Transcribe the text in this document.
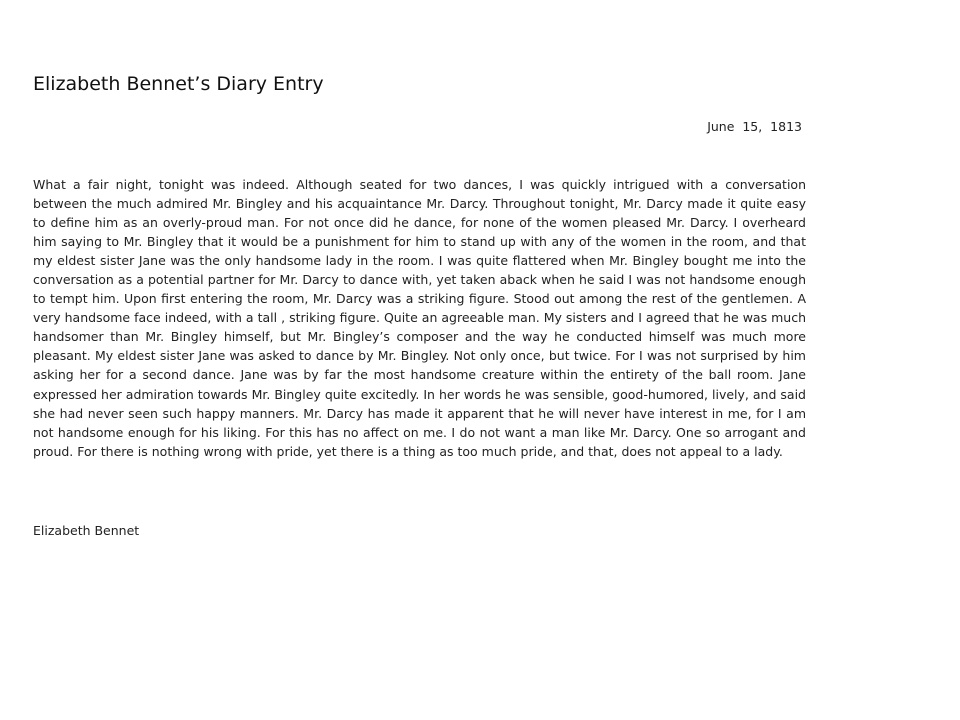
Elizabeth Bennet’s Diary Entry
June  15,  1813

What a fair night, tonight was indeed. Although seated for two dances, I was quickly intrigued with a conversation between the much admired Mr. Bingley and his acquaintance Mr. Darcy. Throughout tonight, Mr. Darcy made it quite easy to define him as an overly-proud man. For not once did he dance, for none of the women pleased Mr. Darcy. I overheard him saying to Mr. Bingley that it would be a punishment for him to stand up with any of the women in the room, and that my eldest sister Jane was the only handsome lady in the room. I was quite flattered when Mr. Bingley bought me into the conversation as a potential partner for Mr. Darcy to dance with, yet taken aback when he said I was not handsome enough to tempt him. Upon first entering the room, Mr. Darcy was a striking figure. Stood out among the rest of the gentlemen. A very handsome face indeed, with a tall , striking figure. Quite an agreeable man. My sisters and I agreed that he was much handsomer than Mr. Bingley himself, but Mr. Bingley’s composer and the way he conducted himself was much more pleasant. My eldest sister Jane was asked to dance by Mr. Bingley. Not only once, but twice. For I was not surprised by him asking her for a second dance. Jane was by far the most handsome creature within the entirety of the ball room. Jane expressed her admiration towards Mr. Bingley quite excitedly. In her words he was sensible, good-humored, lively, and said she had never seen such happy manners. Mr. Darcy has made it apparent that he will never have interest in me, for I am not handsome enough for his liking. For this has no affect on me. I do not want a man like Mr. Darcy. One so arrogant and proud. For there is nothing wrong with pride, yet there is a thing as too much pride, and that, does not appeal to a lady.

Elizabeth Bennet
